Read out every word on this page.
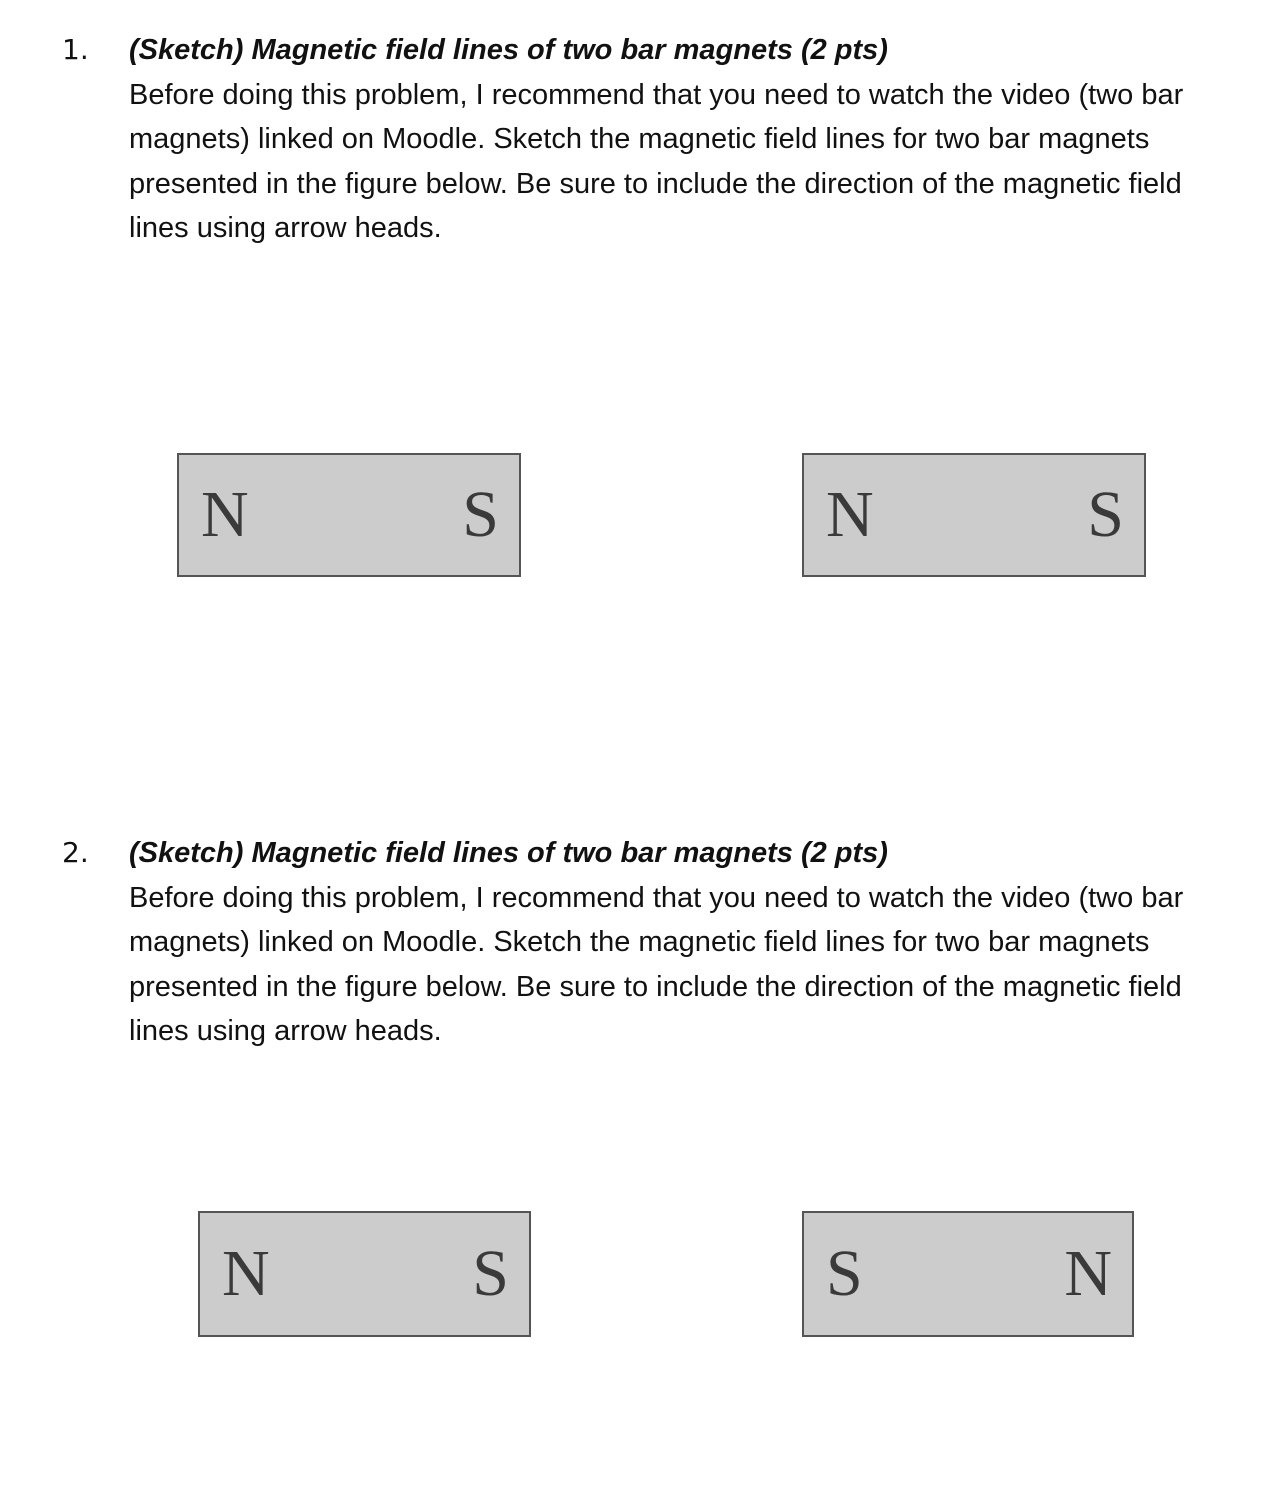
1. (Sketch) Magnetic field lines of two bar magnets (2 pts)
Before doing this problem, I recommend that you need to watch the video (two bar magnets) linked on Moodle. Sketch the magnetic field lines for two bar magnets presented in the figure below. Be sure to include the direction of the magnetic field lines using arrow heads.
N	S	N	S
2. (Sketch) Magnetic field lines of two bar magnets (2 pts)
Before doing this problem, I recommend that you need to watch the video (two bar magnets) linked on Moodle. Sketch the magnetic field lines for two bar magnets presented in the figure below. Be sure to include the direction of the magnetic field lines using arrow heads.
N	S	S	N
